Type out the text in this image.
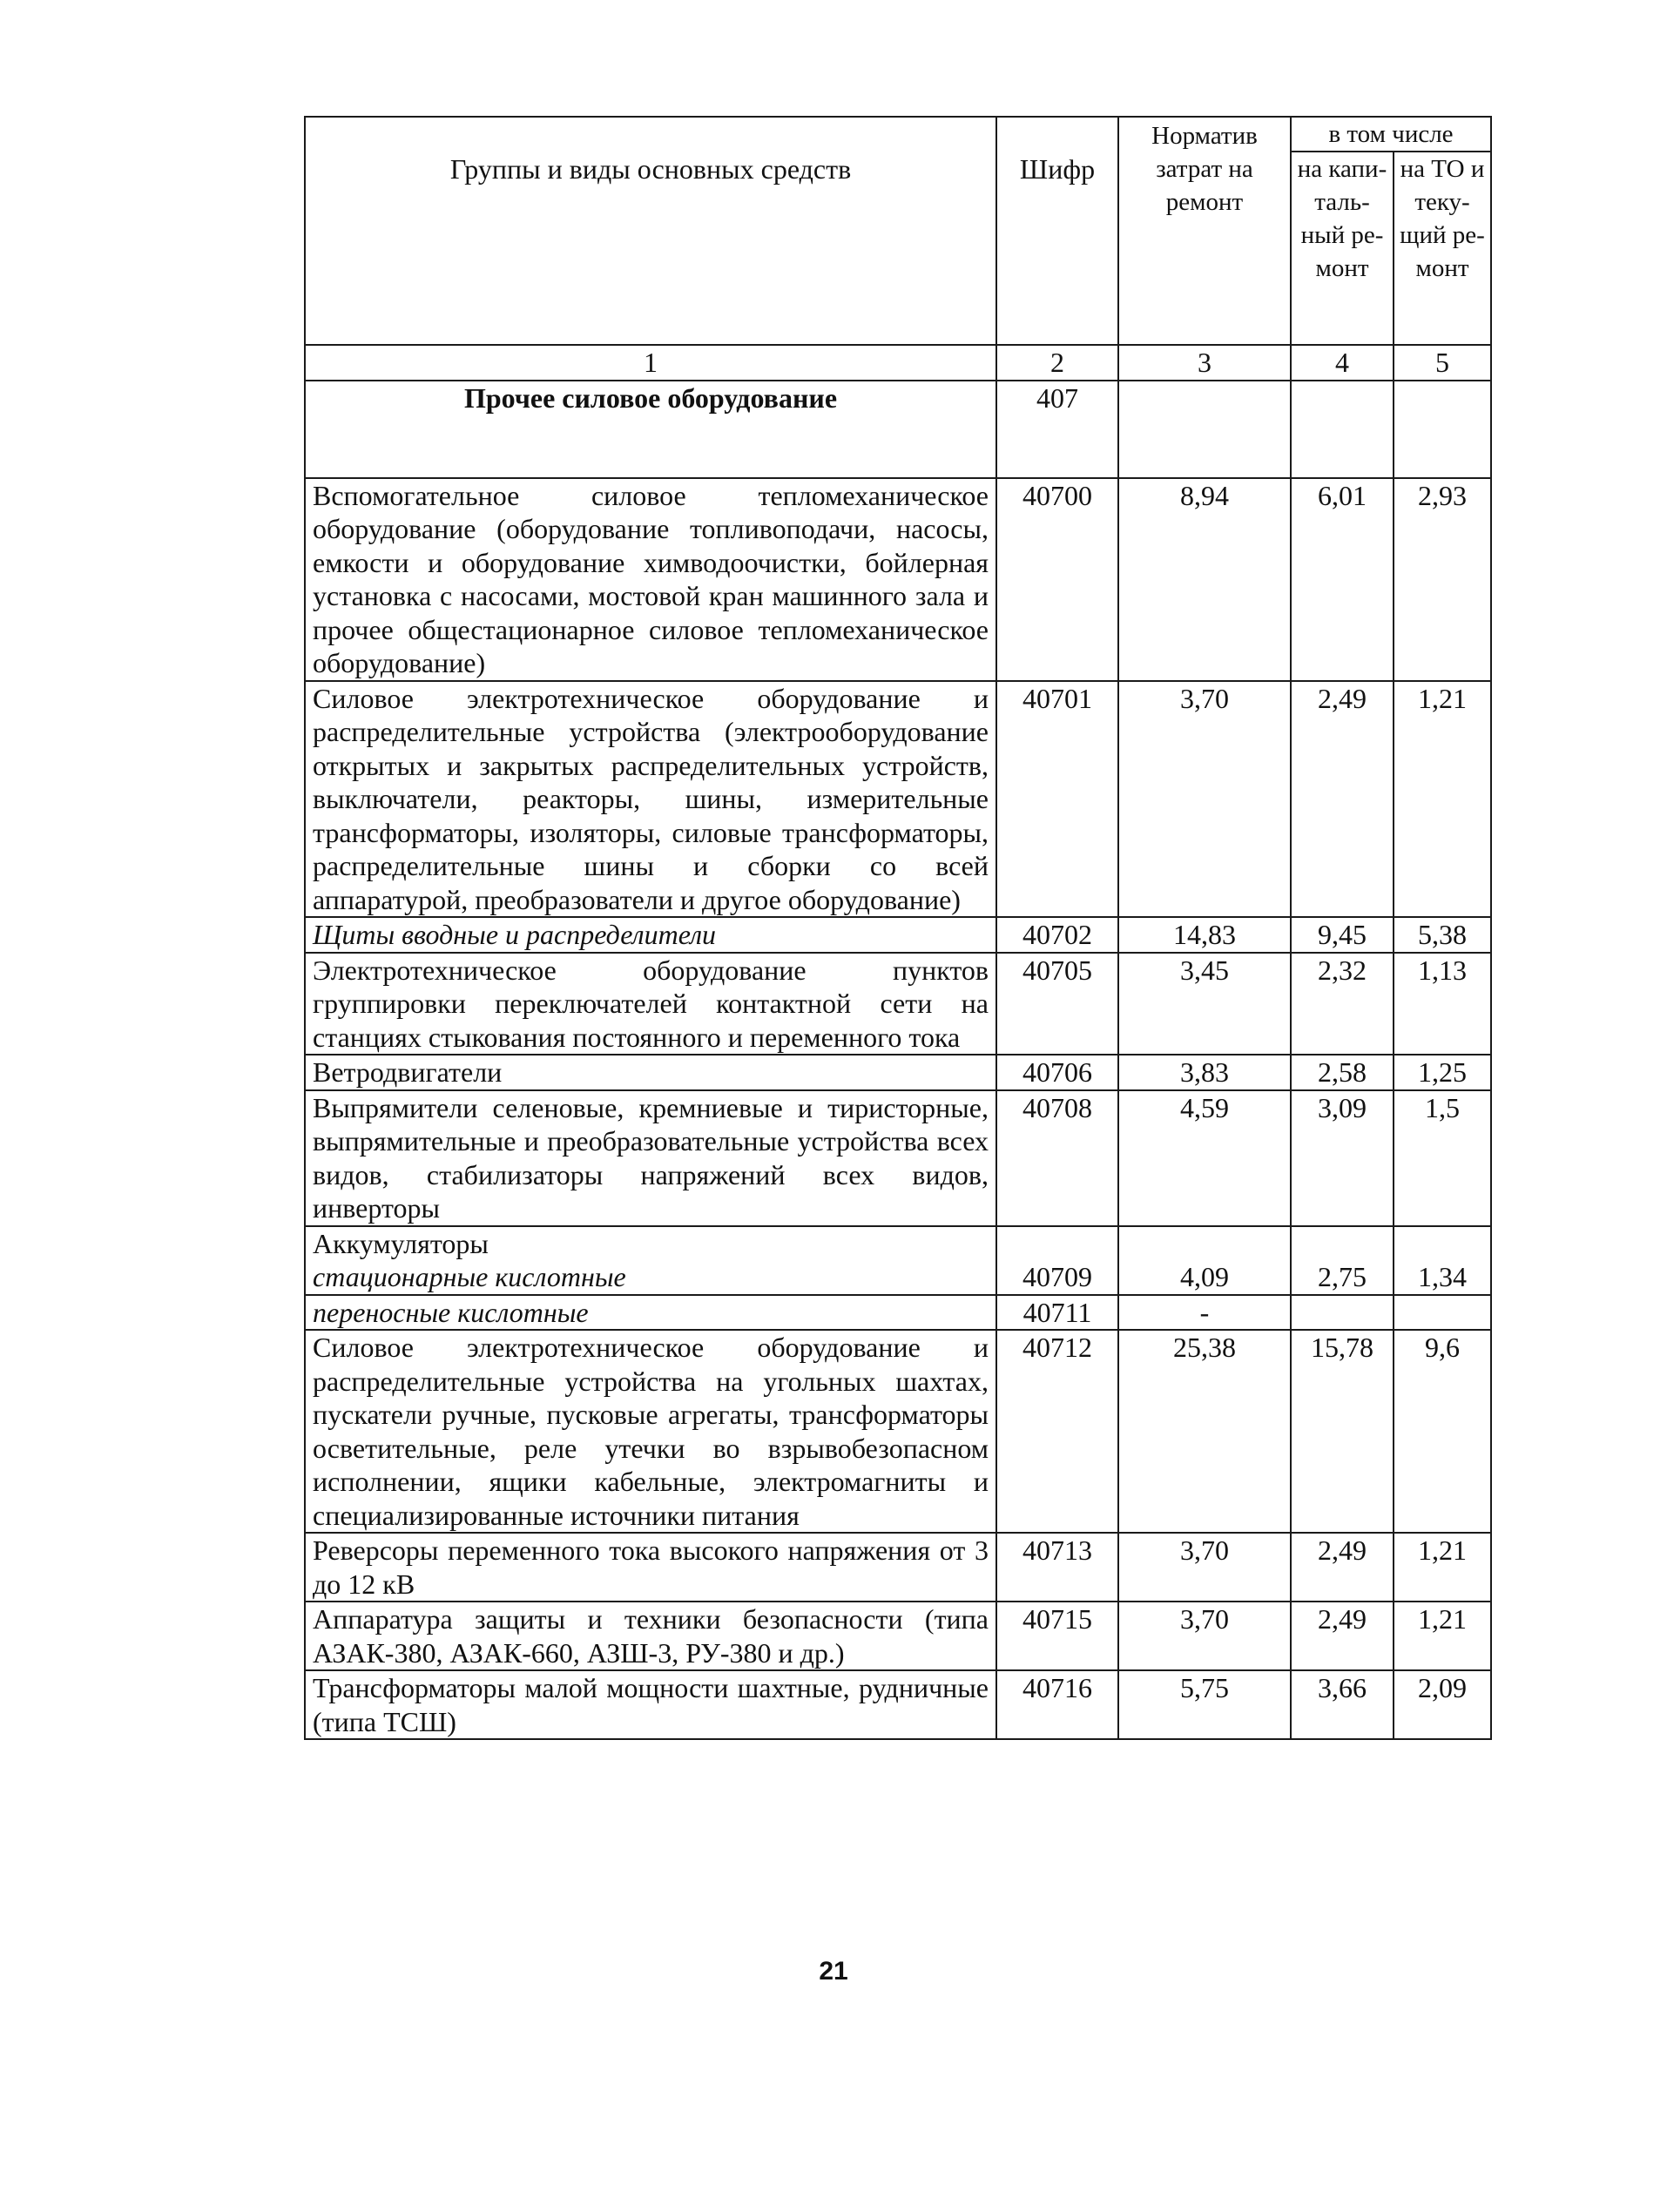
Группы и виды основных средств	Шифр	Норматив затрат на ремонт	в том числе	
			на капи-таль-ный ре-монт	на ТО и теку-щий ре-монт
1	2	3	4	5
Прочее силовое оборудование	407			
Вспомогательное силовое тепломеханическое оборудование (оборудование топливоподачи, насосы, емкости и оборудование химводоочистки, бойлерная установка с насосами, мостовой кран машинного зала и прочее общестационарное силовое тепломеханическое оборудование)	40700	8,94	6,01	2,93
Силовое электротехническое оборудование и распределительные устройства (электрооборудование открытых и закрытых распределительных устройств, выключатели, реакторы, шины, измерительные трансформаторы, изоляторы, силовые трансформаторы, распределительные шины и сборки со всей аппаратурой, преобразователи и другое оборудование)	40701	3,70	2,49	1,21
Щиты вводные и распределители	40702	14,83	9,45	5,38
Электротехническое оборудование пунктов группировки переключателей контактной сети на станциях стыкования постоянного и переменного тока	40705	3,45	2,32	1,13
Ветродвигатели	40706	3,83	2,58	1,25
Выпрямители селеновые, кремниевые и тиристорные, выпрямительные и преобразовательные устройства всех видов, стабилизаторы напряжений всех видов, инверторы	40708	4,59	3,09	1,5

Аккумуляторы
стационарные кислотные	40709	4,09	2,75	1,34
переносные кислотные	40711	-		
Силовое электротехническое оборудование и распределительные устройства на угольных шахтах, пускатели ручные, пусковые агрегаты, трансформаторы осветительные, реле утечки во взрывобезопасном исполнении, ящики кабельные, электромагниты и специализированные источники питания	40712	25,38	15,78	9,6
Реверсоры переменного тока высокого напряжения от 3 до 12 кВ	40713	3,70	2,49	1,21
Аппаратура защиты и техники безопасности (типа АЗАК-380, АЗАК-660, АЗШ-3, РУ-380 и др.)	40715	3,70	2,49	1,21
Трансформаторы малой мощности шахтные, рудничные (типа ТСШ)	40716	5,75	3,66	2,09
21
